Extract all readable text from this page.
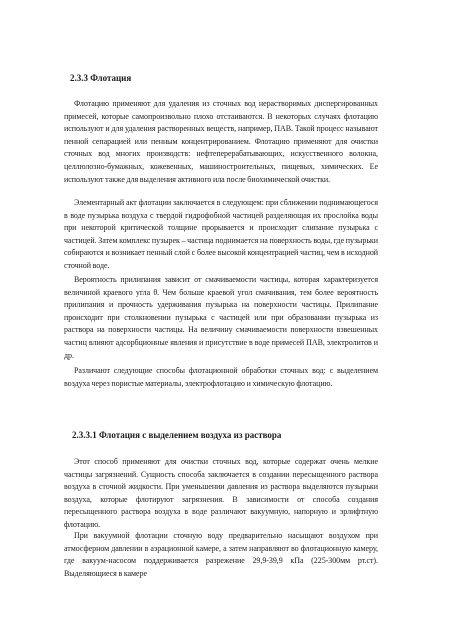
2.3.3 Флотация
Флотацию применяют для удаления из сточных вод нерастворимых диспергированных примесей, которые самопроизвольно плохо отстаиваются. В некоторых случаях флотацию используют и для удаления растворенных веществ, например, ПАВ. Такой процесс называют пенной сепарацией или пенным концентрированием. Флотацию применяют для очистки сточных вод многих производств: нефтеперерабатывающих, искусственного волокна, целлюлозно-бумажных, кожевенных, машиностроительных, пищевых, химических. Ее используют также для выделения активного ила после биохимической очистки.
Элементарный акт флотации заключается в следующем: при сближении поднимающегося в воде пузырька воздуха с твердой гидрофобной частицей разделяющая их прослойка воды при некоторой критической толщине прорывается и происходит слипание пузырька с частицей. Затем комплекс пузырек – частица поднимается на поверхность воды, где пузырьки собираются и возникает пенный слой с более высокой концентрацией частиц, чем в исходной сточной воде.
Вероятность прилипания зависит от смачиваемости частицы, которая характеризуется величиной краевого угла θ. Чем больше краевой угол смачивания, тем более вероятность прилипания и прочность удерживания пузырька на поверхности частицы. Прилипание происходит при столкновении пузырька с частицей или при образовании пузырька из раствора на поверхности частицы. На величину смачиваемости поверхности взвешенных частиц влияют адсорбционные явления и присутствие в воде примесей ПАВ, электролитов и др.
Различают следующие способы флотационной обработки сточных вод: с выделением воздуха через пористые материалы, электрофлотацию и химическую флотацию.
2.3.3.1 Флотация с выделением воздуха из раствора
Этот способ применяют для очистки сточных вод, которые содержат очень мелкие частицы загрязнений. Сущность способа заключается в создании пересыщенного раствора воздуха в сточной жидкости. При уменьшении давления из раствора выделяются пузырьки воздуха, которые флотируют загрязнения. В зависимости от способа создания пересыщенного раствора воздуха в воде различают вакуумную, напорную и эрлифтную флотацию.
При вакуумной флотации сточную воду предварительно насыщают воздухом при атмосферном давлении в аэрационной камере, а затем направляют во флотационную камеру, где вакуум-насосом поддерживается разрежение 29,9-39,9 кПа (225-300мм рт.ст). Выделяющиеся в камере
